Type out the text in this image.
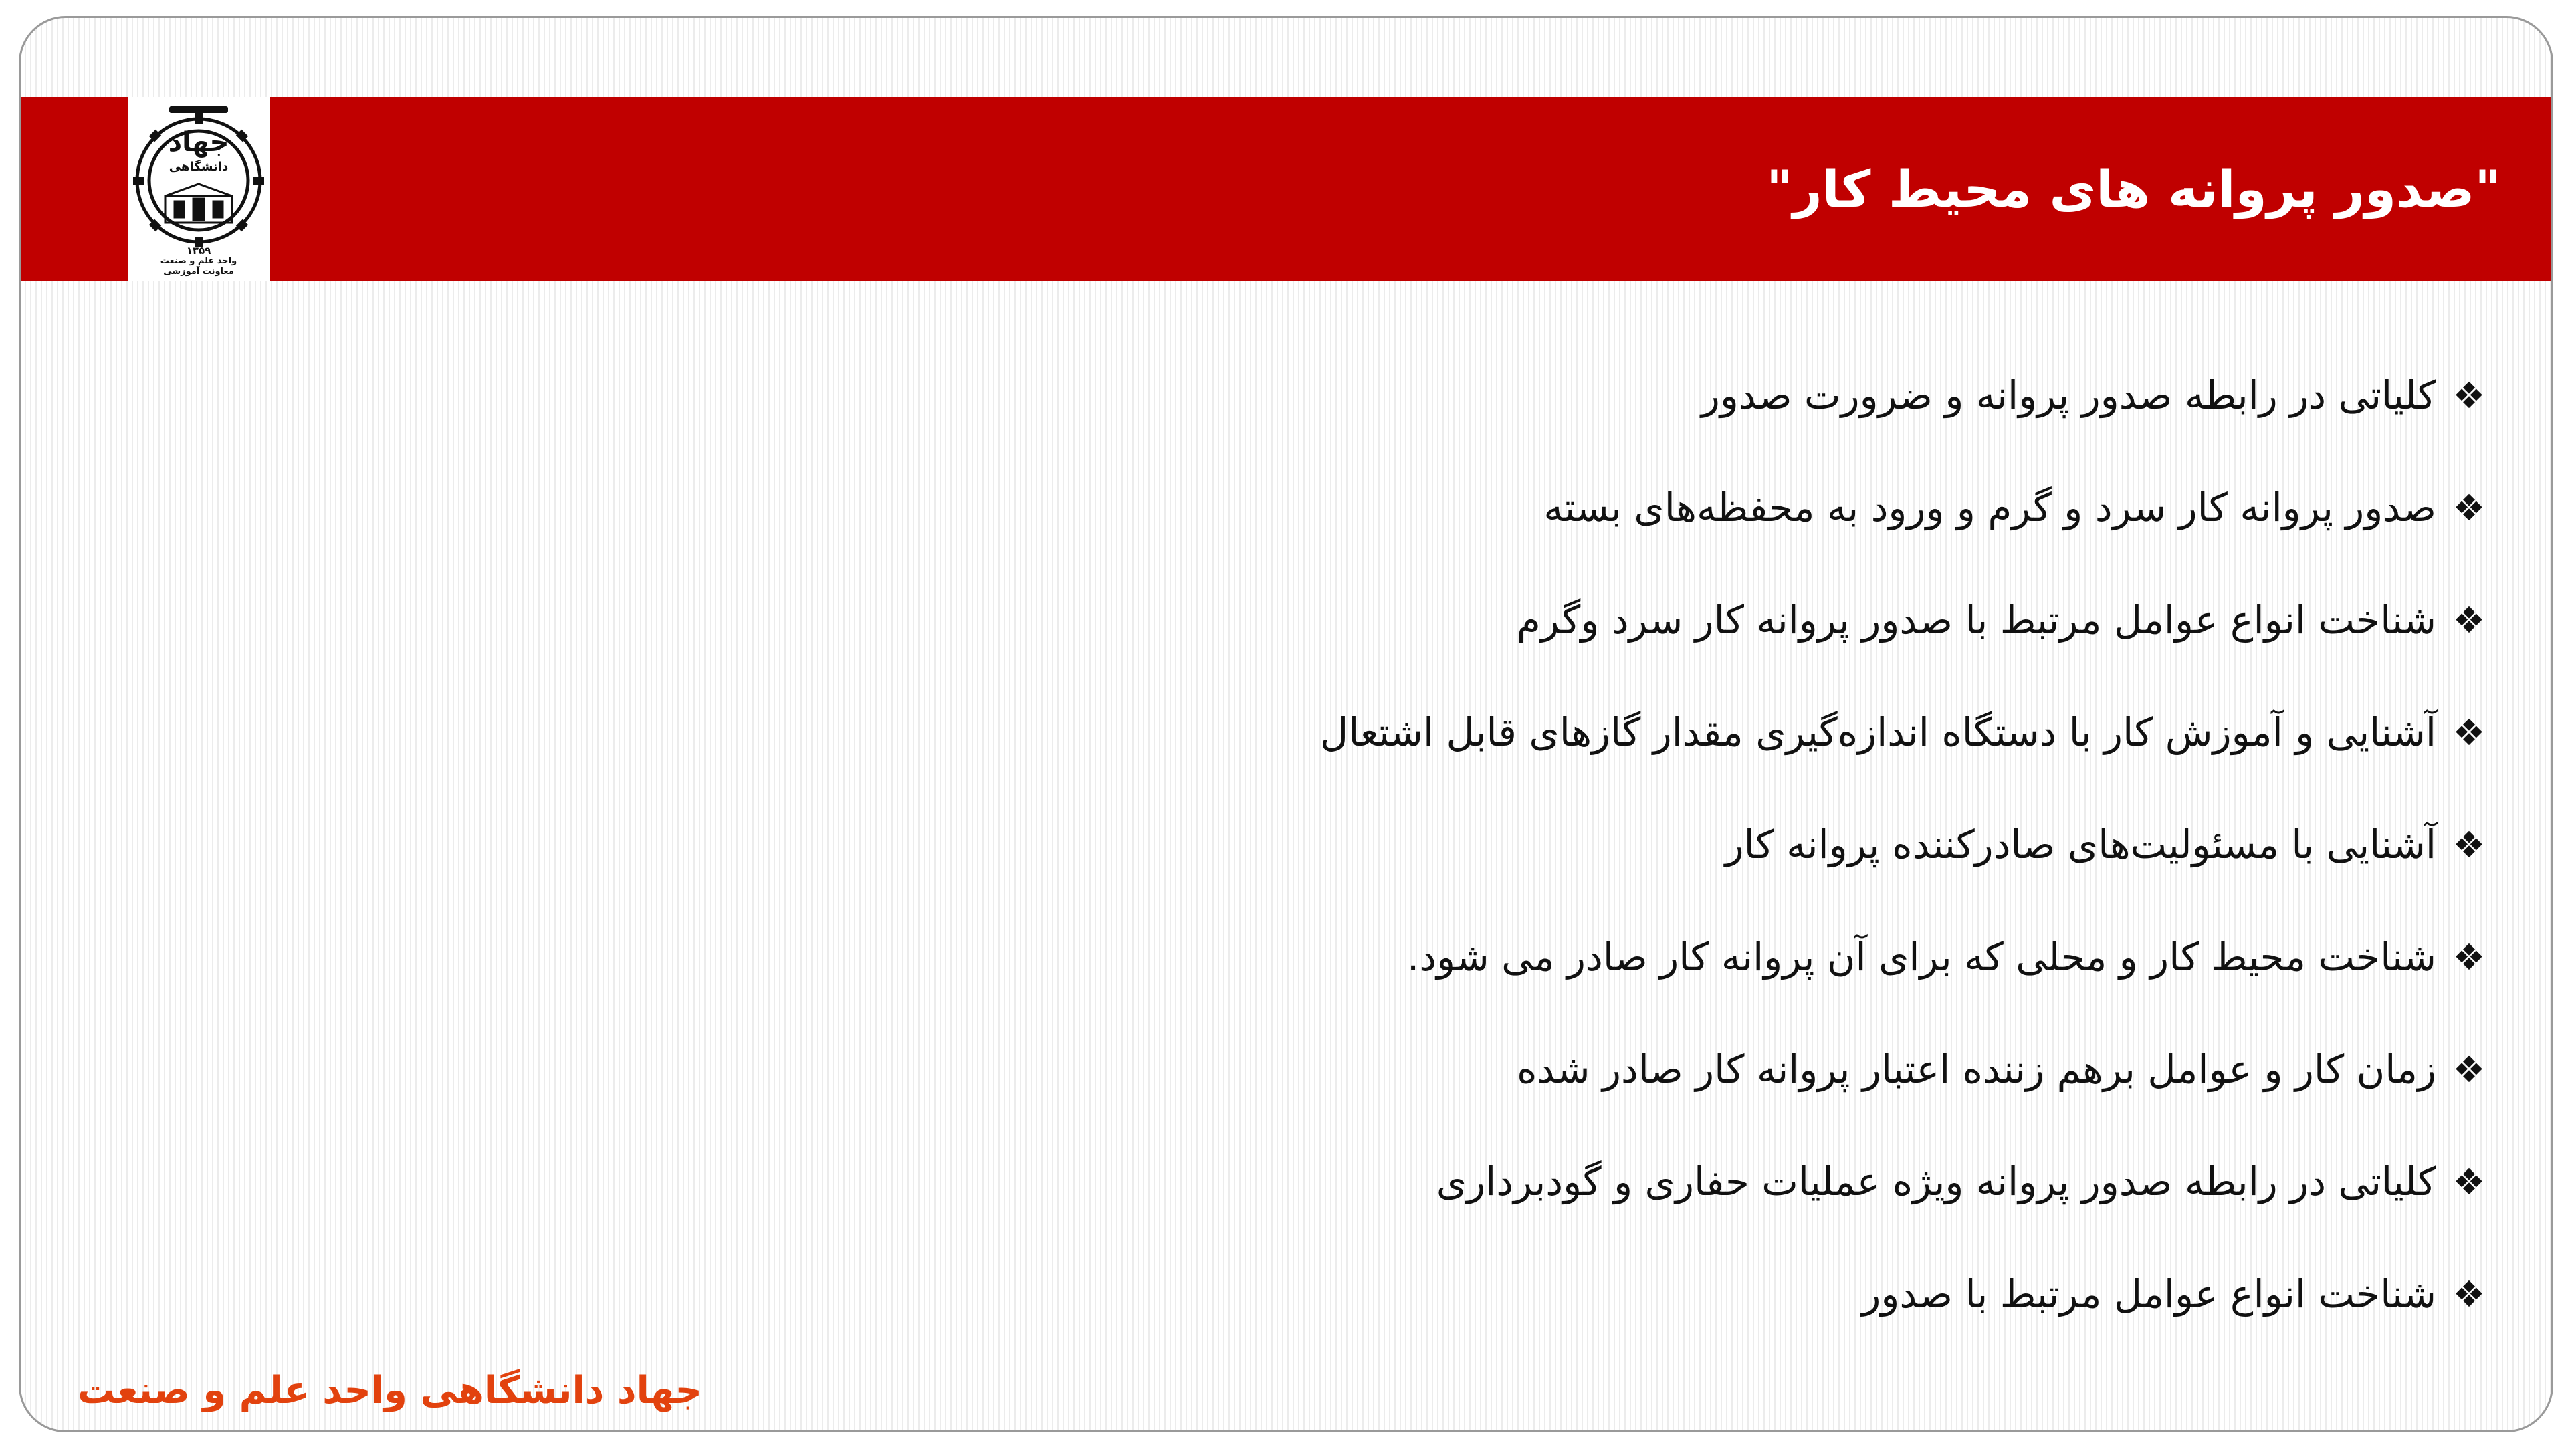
جهاد
دانشگاهی
۱۳۵۹
واحد علم و صنعت
معاونت آموزشی
"صدور پروانه های محیط کار"
❖
کلیاتی در رابطه صدور پروانه و ضرورت صدور
❖
صدور پروانه کار سرد و گرم و ورود به محفظه‌های بسته
❖
شناخت انواع عوامل مرتبط با صدور پروانه کار سرد وگرم
❖
آشنایی و آموزش کار با دستگاه اندازه‌گیری مقدار گازهای قابل اشتعال
❖
آشنایی با مسئولیت‌های صادرکننده پروانه کار
❖
شناخت محیط کار و محلی که برای آن پروانه کار صادر می شود.
❖
زمان کار و عوامل برهم زننده اعتبار پروانه کار صادر شده
❖
کلیاتی در رابطه صدور پروانه ویژه عملیات حفاری و گودبرداری
❖
شناخت انواع عوامل مرتبط با صدور
جهاد دانشگاهی واحد علم و صنعت
